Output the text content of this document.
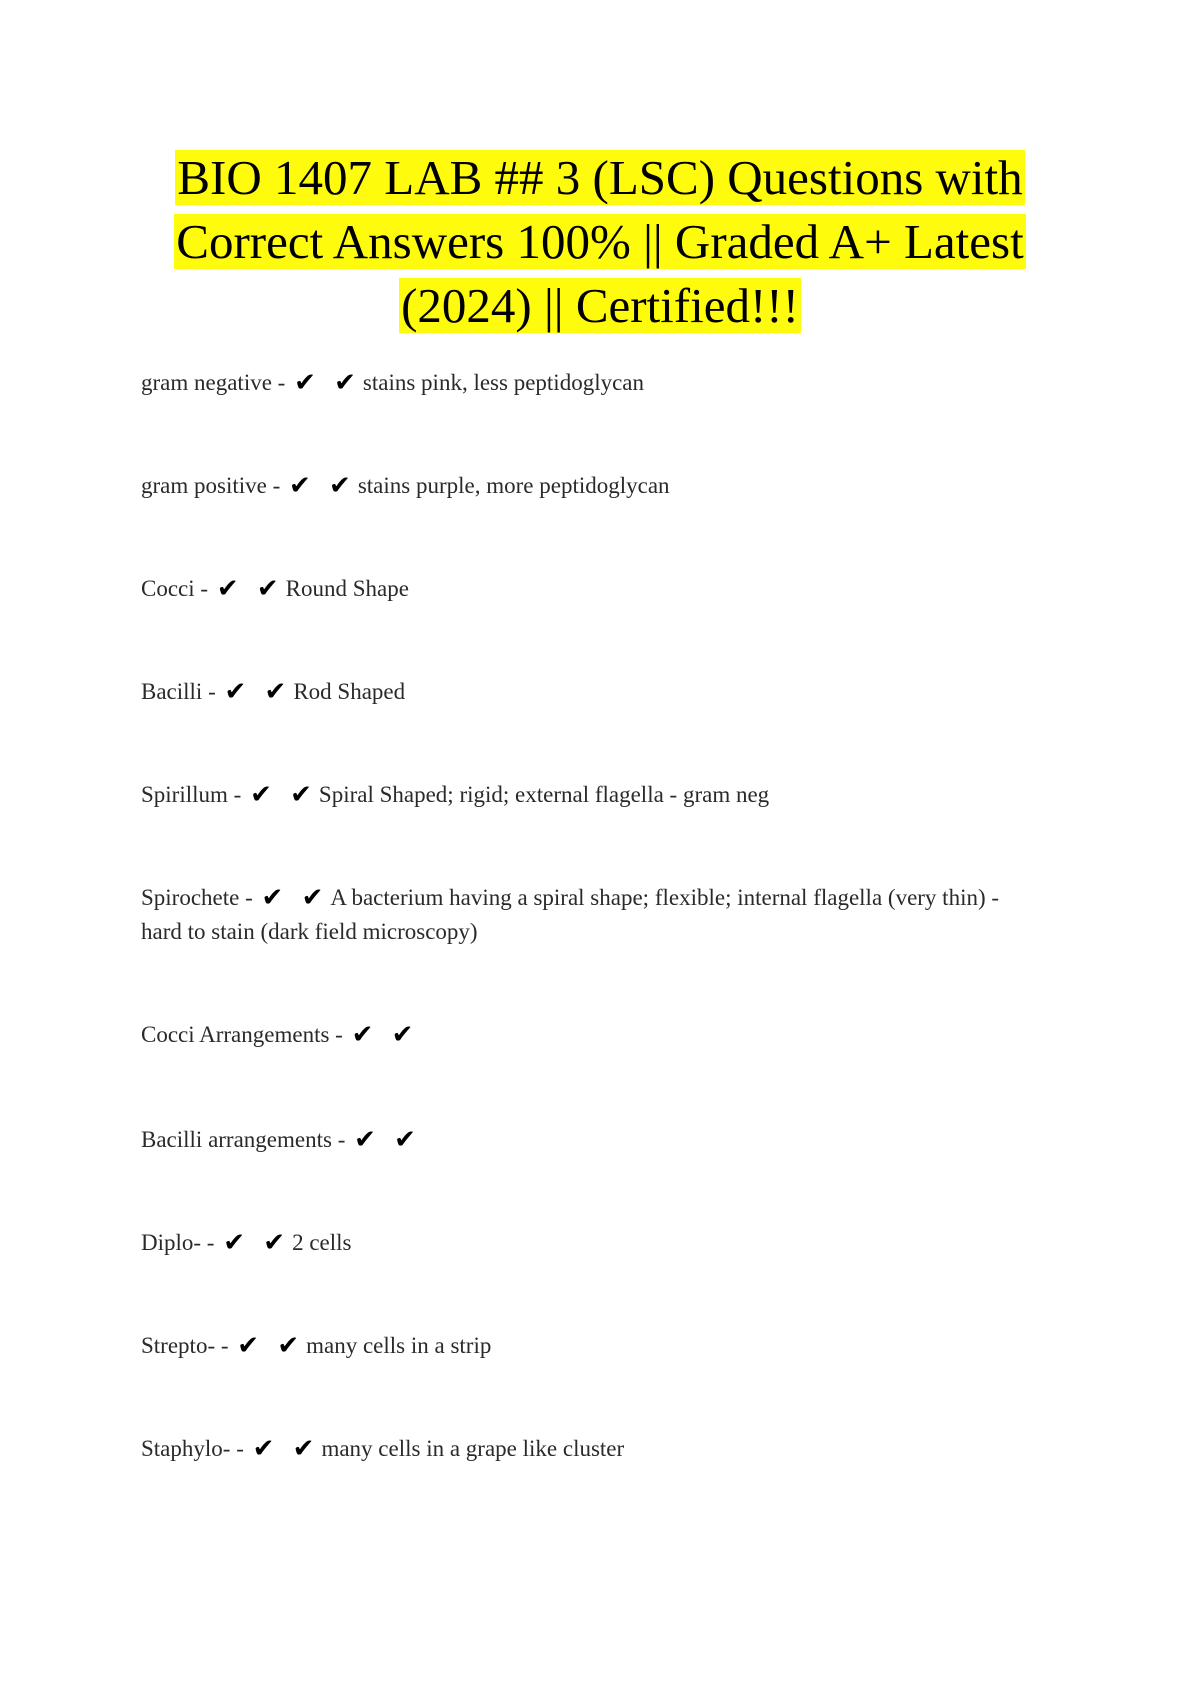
BIO 1407 LAB ## 3 (LSC) Questions with
Correct Answers 100% || Graded A+ Latest
(2024) || Certified!!!
gram negative - ✔ ✔stains pink, less peptidoglycan
gram positive - ✔ ✔stains purple, more peptidoglycan
Cocci - ✔ ✔Round Shape
Bacilli - ✔ ✔Rod Shaped
Spirillum - ✔ ✔Spiral Shaped; rigid; external flagella - gram neg
Spirochete - ✔ ✔A bacterium having a spiral shape; flexible; internal flagella (very thin) - hard to stain (dark field microscopy)
Cocci Arrangements - ✔ ✔
Bacilli arrangements - ✔ ✔
Diplo- - ✔ ✔2 cells
Strepto- - ✔ ✔many cells in a strip
Staphylo- - ✔ ✔many cells in a grape like cluster
